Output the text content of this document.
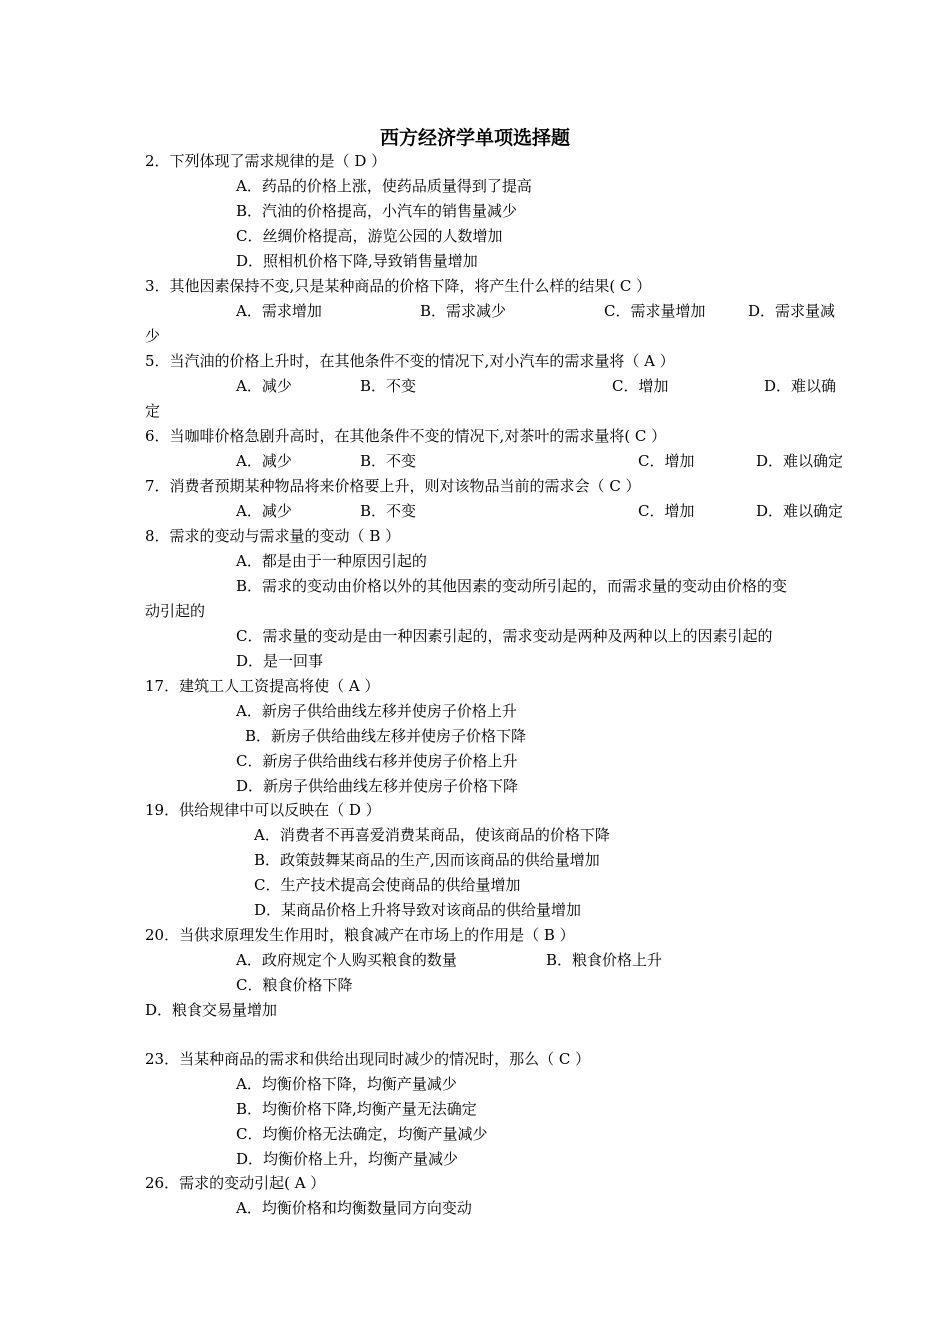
西方经济学单项选择题
2．下列体现了需求规律的是（ D ）
A．药品的价格上涨，使药品质量得到了提高
B．汽油的价格提高，小汽车的销售量减少
C．丝绸价格提高，游览公园的人数增加
D．照相机价格下降,导致销售量增加
3．其他因素保持不变,只是某种商品的价格下降，将产生什么样的结果( C ）
A．需求增加	B．需求减少	C．需求量增加	D．需求量减
少
5．当汽油的价格上升时，在其他条件不变的情况下,对小汽车的需求量将（ A ）
A．减少	B．不变	C．增加	D．难以确
定
6．当咖啡价格急剧升高时，在其他条件不变的情况下,对茶叶的需求量将( C ）
A．减少	B．不变	C．增加	D．难以确定
7．消费者预期某种物品将来价格要上升，则对该物品当前的需求会（ C ）
A．减少	B．不变	C．增加	D．难以确定
8．需求的变动与需求量的变动（ B ）
A．都是由于一种原因引起的
B．需求的变动由价格以外的其他因素的变动所引起的，而需求量的变动由价格的变
动引起的
C．需求量的变动是由一种因素引起的，需求变动是两种及两种以上的因素引起的
D．是一回事
17．建筑工人工资提高将使（ A ）
A．新房子供给曲线左移并使房子价格上升
B．新房子供给曲线左移并使房子价格下降
C．新房子供给曲线右移并使房子价格上升
D．新房子供给曲线左移并使房子价格下降
19．供给规律中可以反映在（ D ）
A．消费者不再喜爱消费某商品，使该商品的价格下降
B．政策鼓舞某商品的生产,因而该商品的供给量增加
C．生产技术提高会使商品的供给量增加
D．某商品价格上升将导致对该商品的供给量增加
20．当供求原理发生作用时，粮食减产在市场上的作用是（ B ）
A．政府规定个人购买粮食的数量	B．粮食价格上升
C．粮食价格下降
D．粮食交易量增加
23．当某种商品的需求和供给出现同时减少的情况时，那么（ C ）
A．均衡价格下降，均衡产量减少
B．均衡价格下降,均衡产量无法确定
C．均衡价格无法确定，均衡产量减少
D．均衡价格上升，均衡产量减少
26．需求的变动引起( A ）
A．均衡价格和均衡数量同方向变动
